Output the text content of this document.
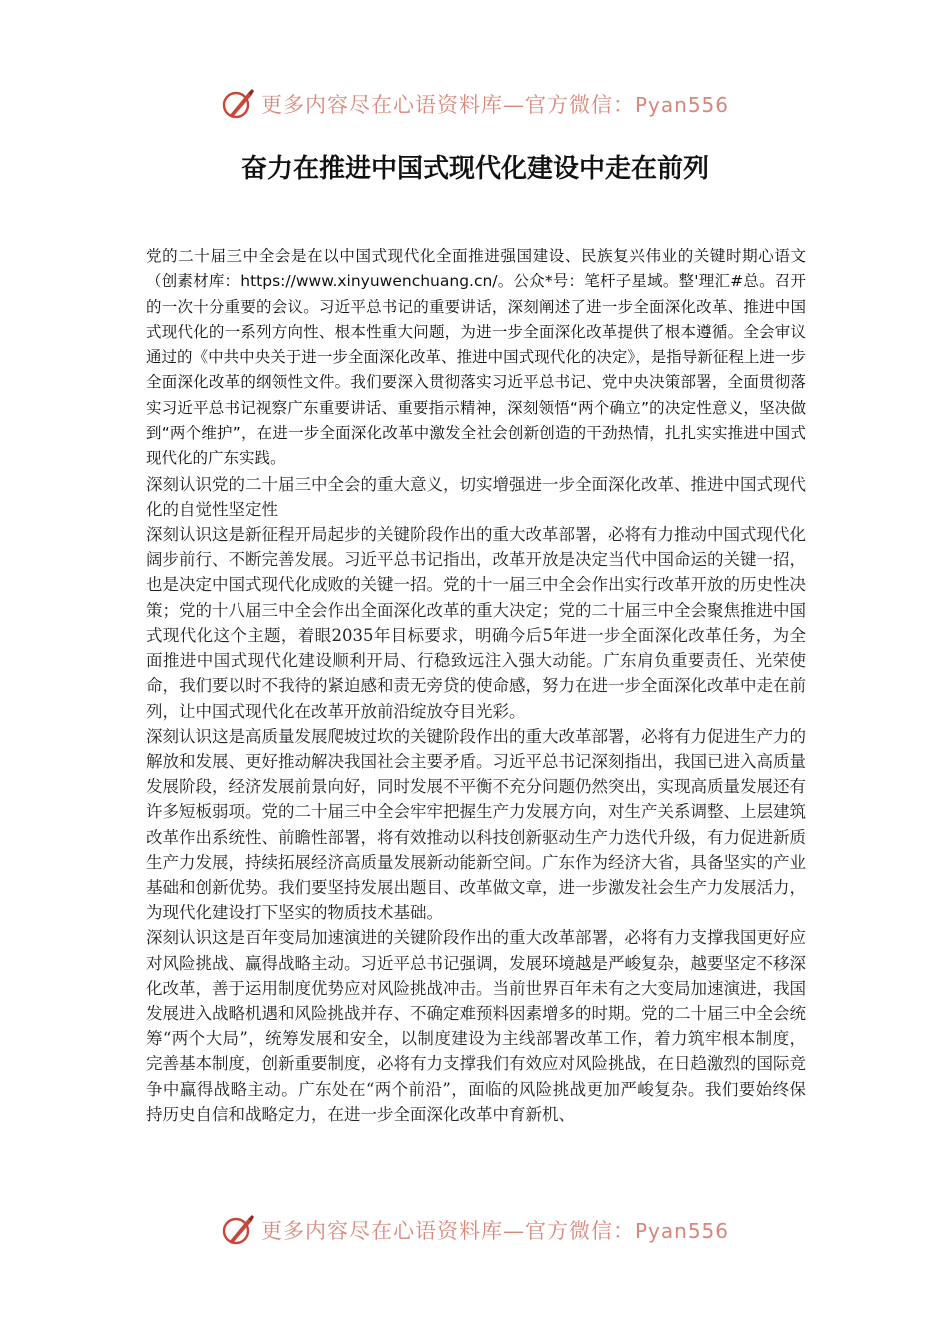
更多内容尽在心语资料库—官方微信：Pyan556
奋力在推进中国式现代化建设中走在前列

党的二十届三中全会是在以中国式现代化全面推进强国建设、民族复兴伟业的关键时期心语文（创素材库：https://www.xinyuwenchuang.cn/。公众*号：笔杆子星域。整'理汇#总。召开的一次十分重要的会议。习近平总书记的重要讲话，深刻阐述了进一步全面深化改革、推进中国式现代化的一系列方向性、根本性重大问题，为进一步全面深化改革提供了根本遵循。全会审议通过的《中共中央关于进一步全面深化改革、推进中国式现代化的决定》，是指导新征程上进一步全面深化改革的纲领性文件。我们要深入贯彻落实习近平总书记、党中央决策部署，全面贯彻落实习近平总书记视察广东重要讲话、重要指示精神，深刻领悟“两个确立”的决定性意义，坚决做到“两个维护”，在进一步全面深化改革中激发全社会创新创造的干劲热情，扎扎实实推进中国式现代化的广东实践。

深刻认识党的二十届三中全会的重大意义，切实增强进一步全面深化改革、推进中国式现代化的自觉性坚定性

深刻认识这是新征程开局起步的关键阶段作出的重大改革部署，必将有力推动中国式现代化阔步前行、不断完善发展。习近平总书记指出，改革开放是决定当代中国命运的关键一招，也是决定中国式现代化成败的关键一招。党的十一届三中全会作出实行改革开放的历史性决策；党的十八届三中全会作出全面深化改革的重大决定；党的二十届三中全会聚焦推进中国式现代化这个主题，着眼2035年目标要求，明确今后5年进一步全面深化改革任务，为全面推进中国式现代化建设顺利开局、行稳致远注入强大动能。广东肩负重要责任、光荣使命，我们要以时不我待的紧迫感和责无旁贷的使命感，努力在进一步全面深化改革中走在前列，让中国式现代化在改革开放前沿绽放夺目光彩。

深刻认识这是高质量发展爬坡过坎的关键阶段作出的重大改革部署，必将有力促进生产力的解放和发展、更好推动解决我国社会主要矛盾。习近平总书记深刻指出，我国已进入高质量发展阶段，经济发展前景向好，同时发展不平衡不充分问题仍然突出，实现高质量发展还有许多短板弱项。党的二十届三中全会牢牢把握生产力发展方向，对生产关系调整、上层建筑改革作出系统性、前瞻性部署，将有效推动以科技创新驱动生产力迭代升级，有力促进新质生产力发展，持续拓展经济高质量发展新动能新空间。广东作为经济大省，具备坚实的产业基础和创新优势。我们要坚持发展出题目、改革做文章，进一步激发社会生产力发展活力，为现代化建设打下坚实的物质技术基础。

深刻认识这是百年变局加速演进的关键阶段作出的重大改革部署，必将有力支撑我国更好应对风险挑战、赢得战略主动。习近平总书记强调，发展环境越是严峻复杂，越要坚定不移深化改革，善于运用制度优势应对风险挑战冲击。当前世界百年未有之大变局加速演进，我国发展进入战略机遇和风险挑战并存、不确定难预料因素增多的时期。党的二十届三中全会统筹“两个大局”，统筹发展和安全，以制度建设为主线部署改革工作，着力筑牢根本制度，完善基本制度，创新重要制度，必将有力支撑我们有效应对风险挑战，在日趋激烈的国际竞争中赢得战略主动。广东处在“两个前沿”，面临的风险挑战更加严峻复杂。我们要始终保持历史自信和战略定力，在进一步全面深化改革中育新机、

更多内容尽在心语资料库—官方微信：Pyan556
